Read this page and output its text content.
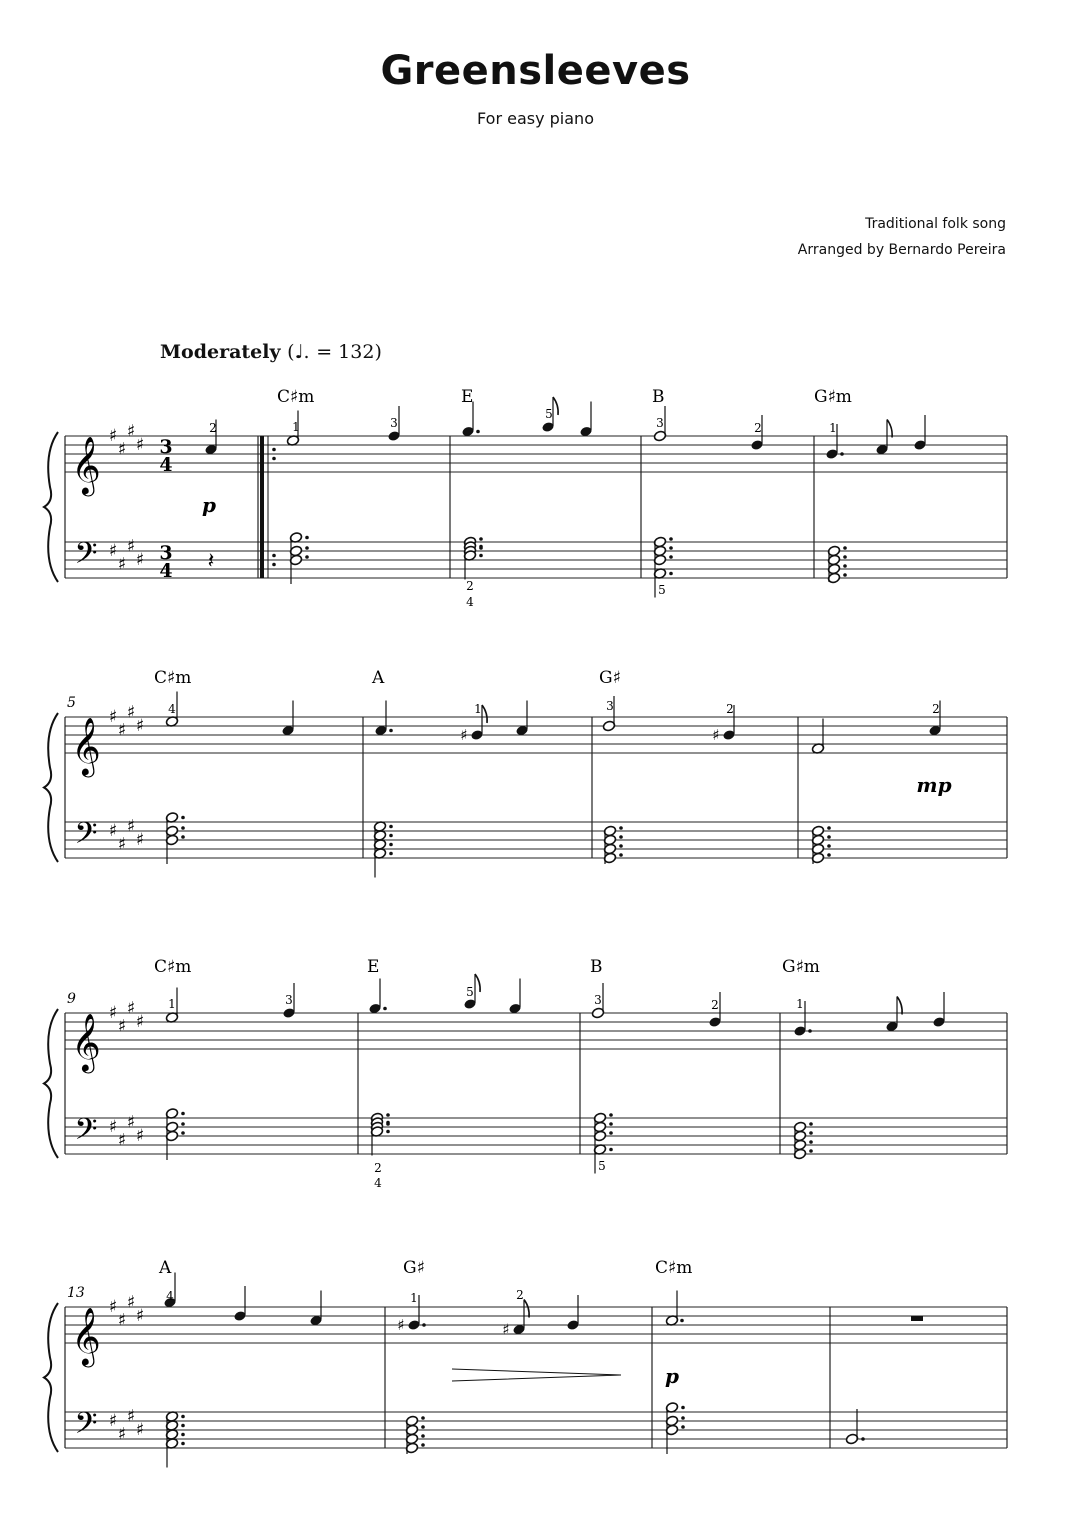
Greensleeves
For easy piano
Traditional folk song
Arranged by Bernardo Pereira
Moderately (♩. = 132)
𝄞
𝄢
♯
♯
♯
♯
♯
♯
♯
♯
3
4
3
4
𝄞
𝄢
♯
♯
♯
♯
♯
♯
♯
♯
5
𝄞
𝄢
♯
♯
♯
♯
♯
♯
♯
♯
9
𝄞
𝄢
♯
♯
♯
♯
♯
♯
♯
♯
13
2
p
𝄽
C♯m
1	3
E
5
2
4
B
3	2
5
G♯m
1
C♯m
4
A
♯
1
G♯
♯
3	2	2
mp
C♯m
1	3
E
5
2
4
B
3	2
5
G♯m
1
A
4
G♯
♯	♯
1	2
C♯m
p
